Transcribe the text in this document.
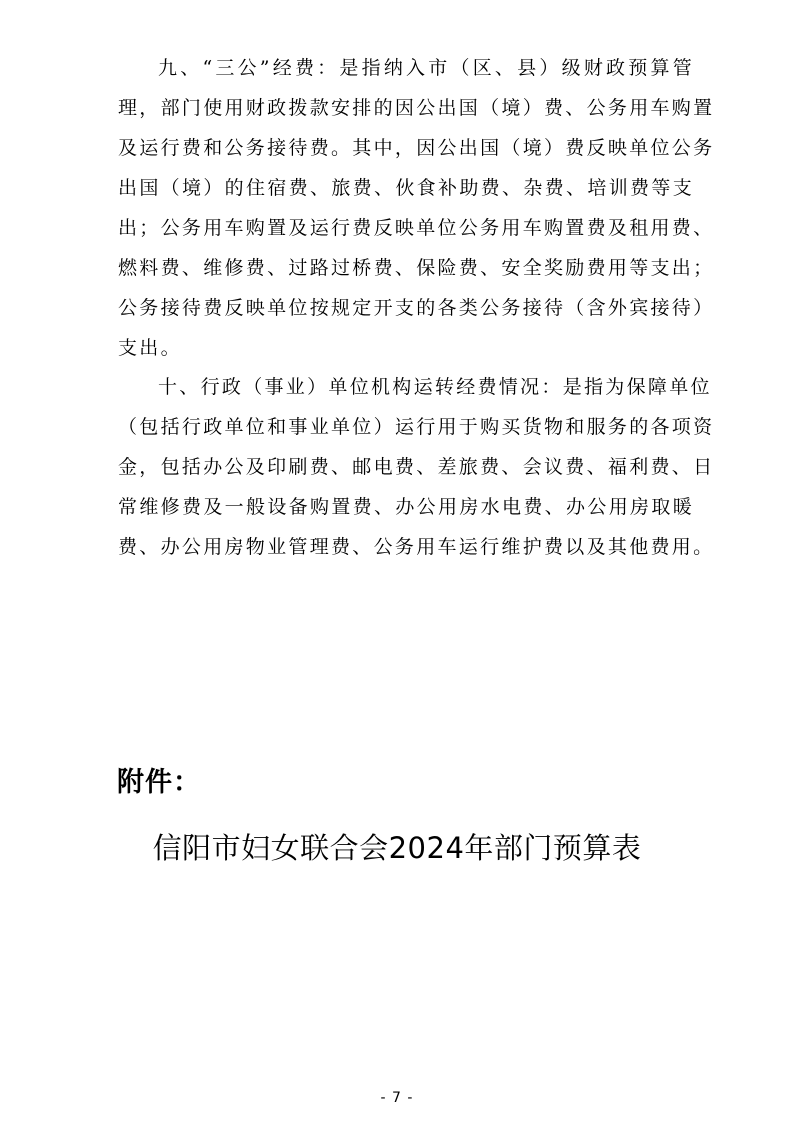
九、“三公”经费：是指纳入市（区、县）级财政预算管
理，部门使用财政拨款安排的因公出国（境）费、公务用车购置
及运行费和公务接待费。其中，因公出国（境）费反映单位公务
出国（境）的住宿费、旅费、伙食补助费、杂费、培训费等支
出；公务用车购置及运行费反映单位公务用车购置费及租用费、
燃料费、维修费、过路过桥费、保险费、安全奖励费用等支出；
公务接待费反映单位按规定开支的各类公务接待（含外宾接待）
支出。
十、行政（事业）单位机构运转经费情况：是指为保障单位
（包括行政单位和事业单位）运行用于购买货物和服务的各项资
金，包括办公及印刷费、邮电费、差旅费、会议费、福利费、日
常维修费及一般设备购置费、办公用房水电费、办公用房取暖
费、办公用房物业管理费、公务用车运行维护费以及其他费用。
附件：
信阳市妇女联合会2024年部门预算表
- 7 -
